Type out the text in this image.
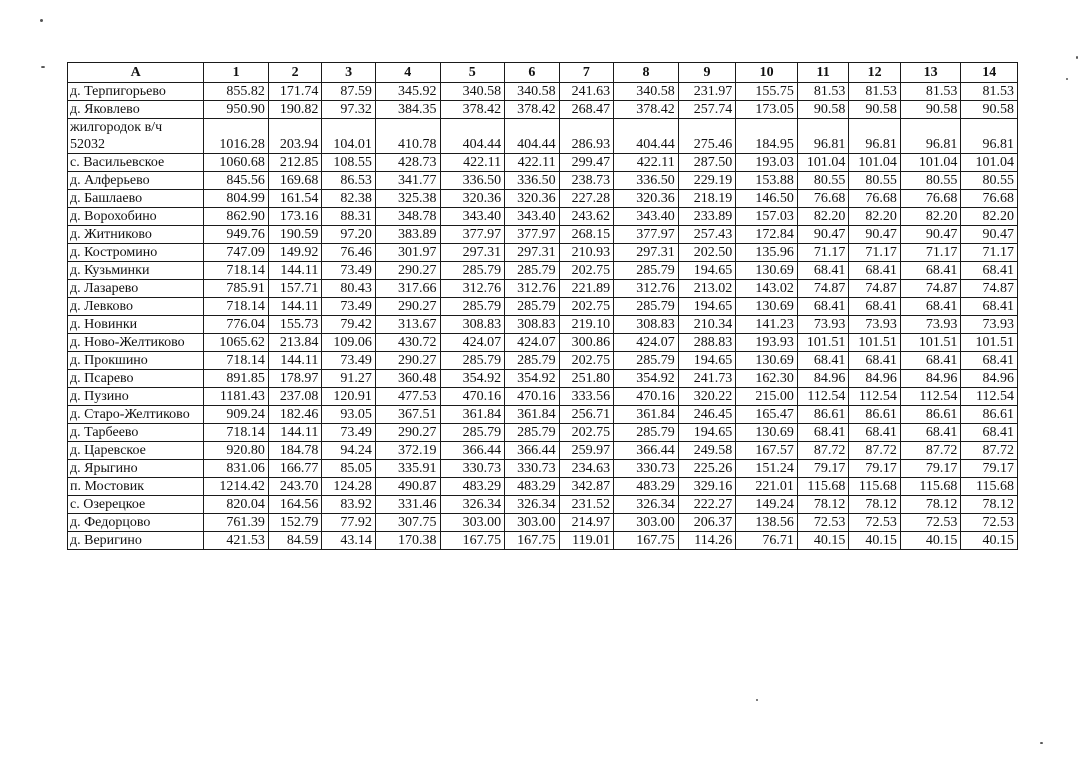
А	1	2	3	4	5	6	7	8	9	10	11	12	13	14
д. Терпигорьево	855.82	171.74	87.59	345.92	340.58	340.58	241.63	340.58	231.97	155.75	81.53	81.53	81.53	81.53
д. Яковлево	950.90	190.82	97.32	384.35	378.42	378.42	268.47	378.42	257.74	173.05	90.58	90.58	90.58	90.58
жилгородок в/ч 52032	1016.28	203.94	104.01	410.78	404.44	404.44	286.93	404.44	275.46	184.95	96.81	96.81	96.81	96.81
с. Васильевское	1060.68	212.85	108.55	428.73	422.11	422.11	299.47	422.11	287.50	193.03	101.04	101.04	101.04	101.04
д. Алферьево	845.56	169.68	86.53	341.77	336.50	336.50	238.73	336.50	229.19	153.88	80.55	80.55	80.55	80.55
д. Башлаево	804.99	161.54	82.38	325.38	320.36	320.36	227.28	320.36	218.19	146.50	76.68	76.68	76.68	76.68
д. Ворохобино	862.90	173.16	88.31	348.78	343.40	343.40	243.62	343.40	233.89	157.03	82.20	82.20	82.20	82.20
д. Житниково	949.76	190.59	97.20	383.89	377.97	377.97	268.15	377.97	257.43	172.84	90.47	90.47	90.47	90.47
д. Костромино	747.09	149.92	76.46	301.97	297.31	297.31	210.93	297.31	202.50	135.96	71.17	71.17	71.17	71.17
д. Кузьминки	718.14	144.11	73.49	290.27	285.79	285.79	202.75	285.79	194.65	130.69	68.41	68.41	68.41	68.41
д. Лазарево	785.91	157.71	80.43	317.66	312.76	312.76	221.89	312.76	213.02	143.02	74.87	74.87	74.87	74.87
д. Левково	718.14	144.11	73.49	290.27	285.79	285.79	202.75	285.79	194.65	130.69	68.41	68.41	68.41	68.41
д. Новинки	776.04	155.73	79.42	313.67	308.83	308.83	219.10	308.83	210.34	141.23	73.93	73.93	73.93	73.93
д. Ново-Желтиково	1065.62	213.84	109.06	430.72	424.07	424.07	300.86	424.07	288.83	193.93	101.51	101.51	101.51	101.51
д. Прокшино	718.14	144.11	73.49	290.27	285.79	285.79	202.75	285.79	194.65	130.69	68.41	68.41	68.41	68.41
д. Псарево	891.85	178.97	91.27	360.48	354.92	354.92	251.80	354.92	241.73	162.30	84.96	84.96	84.96	84.96
д. Пузино	1181.43	237.08	120.91	477.53	470.16	470.16	333.56	470.16	320.22	215.00	112.54	112.54	112.54	112.54
д. Старо-Желтиково	909.24	182.46	93.05	367.51	361.84	361.84	256.71	361.84	246.45	165.47	86.61	86.61	86.61	86.61
д. Тарбеево	718.14	144.11	73.49	290.27	285.79	285.79	202.75	285.79	194.65	130.69	68.41	68.41	68.41	68.41
д. Царевское	920.80	184.78	94.24	372.19	366.44	366.44	259.97	366.44	249.58	167.57	87.72	87.72	87.72	87.72
д. Ярыгино	831.06	166.77	85.05	335.91	330.73	330.73	234.63	330.73	225.26	151.24	79.17	79.17	79.17	79.17
п. Мостовик	1214.42	243.70	124.28	490.87	483.29	483.29	342.87	483.29	329.16	221.01	115.68	115.68	115.68	115.68
с. Озерецкое	820.04	164.56	83.92	331.46	326.34	326.34	231.52	326.34	222.27	149.24	78.12	78.12	78.12	78.12
д. Федорцово	761.39	152.79	77.92	307.75	303.00	303.00	214.97	303.00	206.37	138.56	72.53	72.53	72.53	72.53
д. Веригино	421.53	84.59	43.14	170.38	167.75	167.75	119.01	167.75	114.26	76.71	40.15	40.15	40.15	40.15
